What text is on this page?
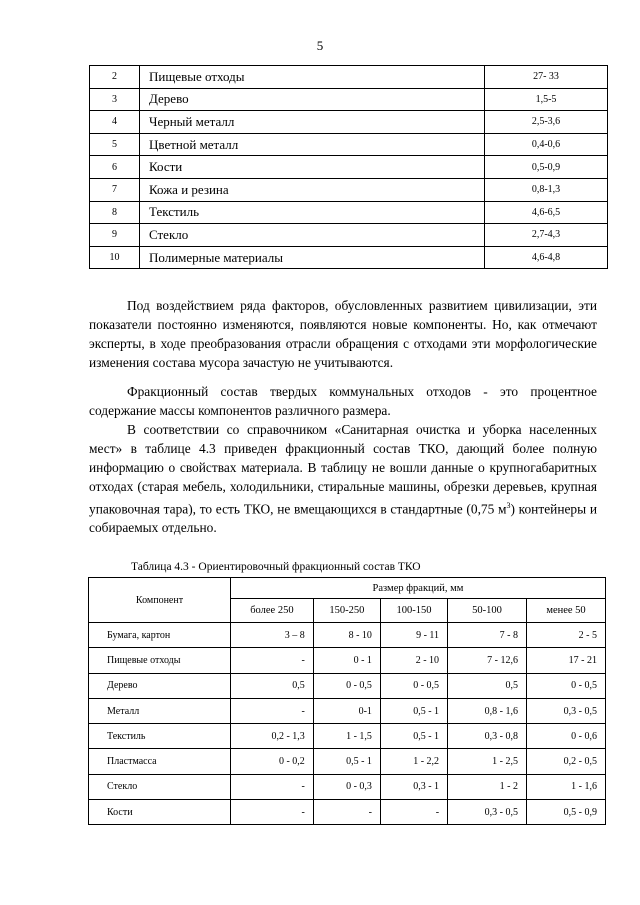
5
2	Пищевые отходы	27- 33
3	Дерево	1,5-5
4	Черный металл	2,5-3,6
5	Цветной металл	0,4-0,6
6	Кости	0,5-0,9
7	Кожа и резина	0,8-1,3
8	Текстиль	4,6-6,5
9	Стекло	2,7-4,3
10	Полимерные материалы	4,6-4,8

Под воздействием ряда факторов, обусловленных развитием цивилизации, эти показатели постоянно изменяются, появляются новые компоненты. Но, как отмечают эксперты, в ходе преобразования отрасли обращения с отходами эти морфологические изменения состава мусора зачастую не учитываются.

Фракционный состав твердых коммунальных отходов - это процентное содержание массы компонентов различного размера.

В соответствии со справочником «Санитарная очистка и уборка населенных мест» в таблице 4.3 приведен фракционный состав ТКО, дающий более полную информацию о свойствах материала. В таблицу не вошли данные о крупногабаритных отходах (старая мебель, холодильники, стиральные машины, обрезки деревьев, крупная упаковочная тара), то есть ТКО, не вмещающихся в стандартные (0,75 $м^3$) контейнеры и собираемых отдельно.

Таблица 4.3 - Ориентировочный фракционный состав ТКО
Компонент	Размер фракций, мм				
	более 250	150-250	100-150	50-100	менее 50
Бумага, картон	3 – 8	8 - 10	9 - 11	7 - 8	2 - 5
Пищевые отходы	-	0 - 1	2 - 10	7 - 12,6	17 - 21
Дерево	0,5	0 - 0,5	0 - 0,5	0,5	0 - 0,5
Металл	-	0-1	0,5 - 1	0,8 - 1,6	0,3 - 0,5
Текстиль	0,2 - 1,3	1 - 1,5	0,5 - 1	0,3 - 0,8	0 - 0,6
Пластмасса	0 - 0,2	0,5 - 1	1 - 2,2	1 - 2,5	0,2 - 0,5
Стекло	-	0 - 0,3	0,3 - 1	1 - 2	1 - 1,6
Кости	-	-	-	0,3 - 0,5	0,5 - 0,9
